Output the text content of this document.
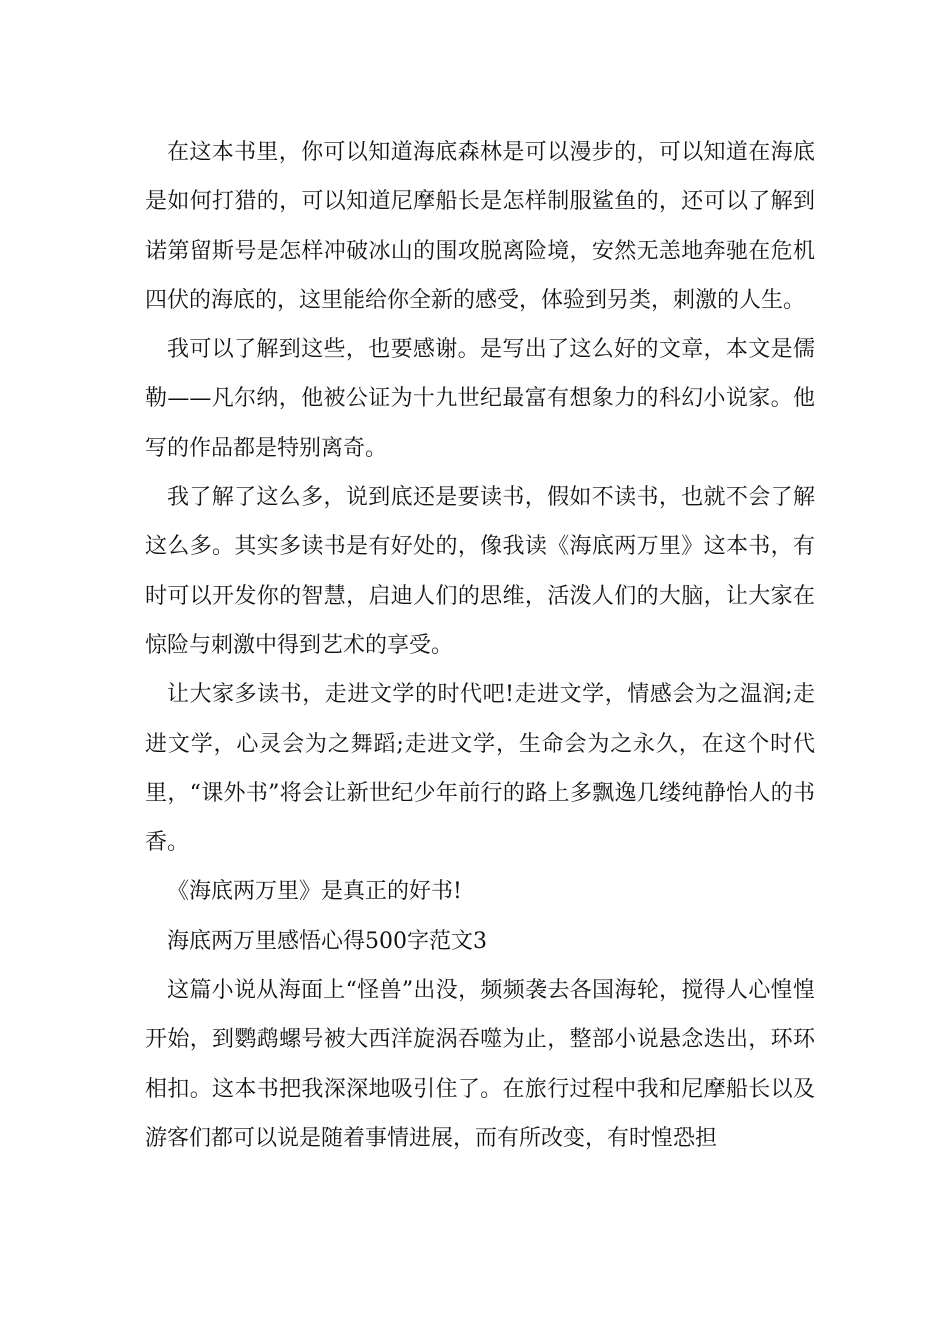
在这本书里，你可以知道海底森林是可以漫步的，可以知道在海底是如何打猎的，可以知道尼摩船长是怎样制服鲨鱼的，还可以了解到诺第留斯号是怎样冲破冰山的围攻脱离险境，安然无恙地奔驰在危机四伏的海底的，这里能给你全新的感受，体验到另类，刺激的人生。

我可以了解到这些，也要感谢。是写出了这么好的文章，本文是儒勒——凡尔纳，他被公证为十九世纪最富有想象力的科幻小说家。他写的作品都是特别离奇。

我了解了这么多，说到底还是要读书，假如不读书，也就不会了解这么多。其实多读书是有好处的，像我读《海底两万里》这本书，有时可以开发你的智慧，启迪人们的思维，活泼人们的大脑，让大家在惊险与刺激中得到艺术的享受。

让大家多读书，走进文学的时代吧!走进文学，情感会为之温润;走进文学，心灵会为之舞蹈;走进文学，生命会为之永久，在这个时代里，“课外书”将会让新世纪少年前行的路上多飘逸几缕纯静怡人的书香。

《海底两万里》是真正的好书!

海底两万里感悟心得500字范文3

这篇小说从海面上“怪兽”出没，频频袭去各国海轮，搅得人心惶惶开始，到鹦鹉螺号被大西洋旋涡吞噬为止，整部小说悬念迭出，环环相扣。这本书把我深深地吸引住了。在旅行过程中我和尼摩船长以及游客们都可以说是随着事情进展，而有所改变，有时惶恐担
